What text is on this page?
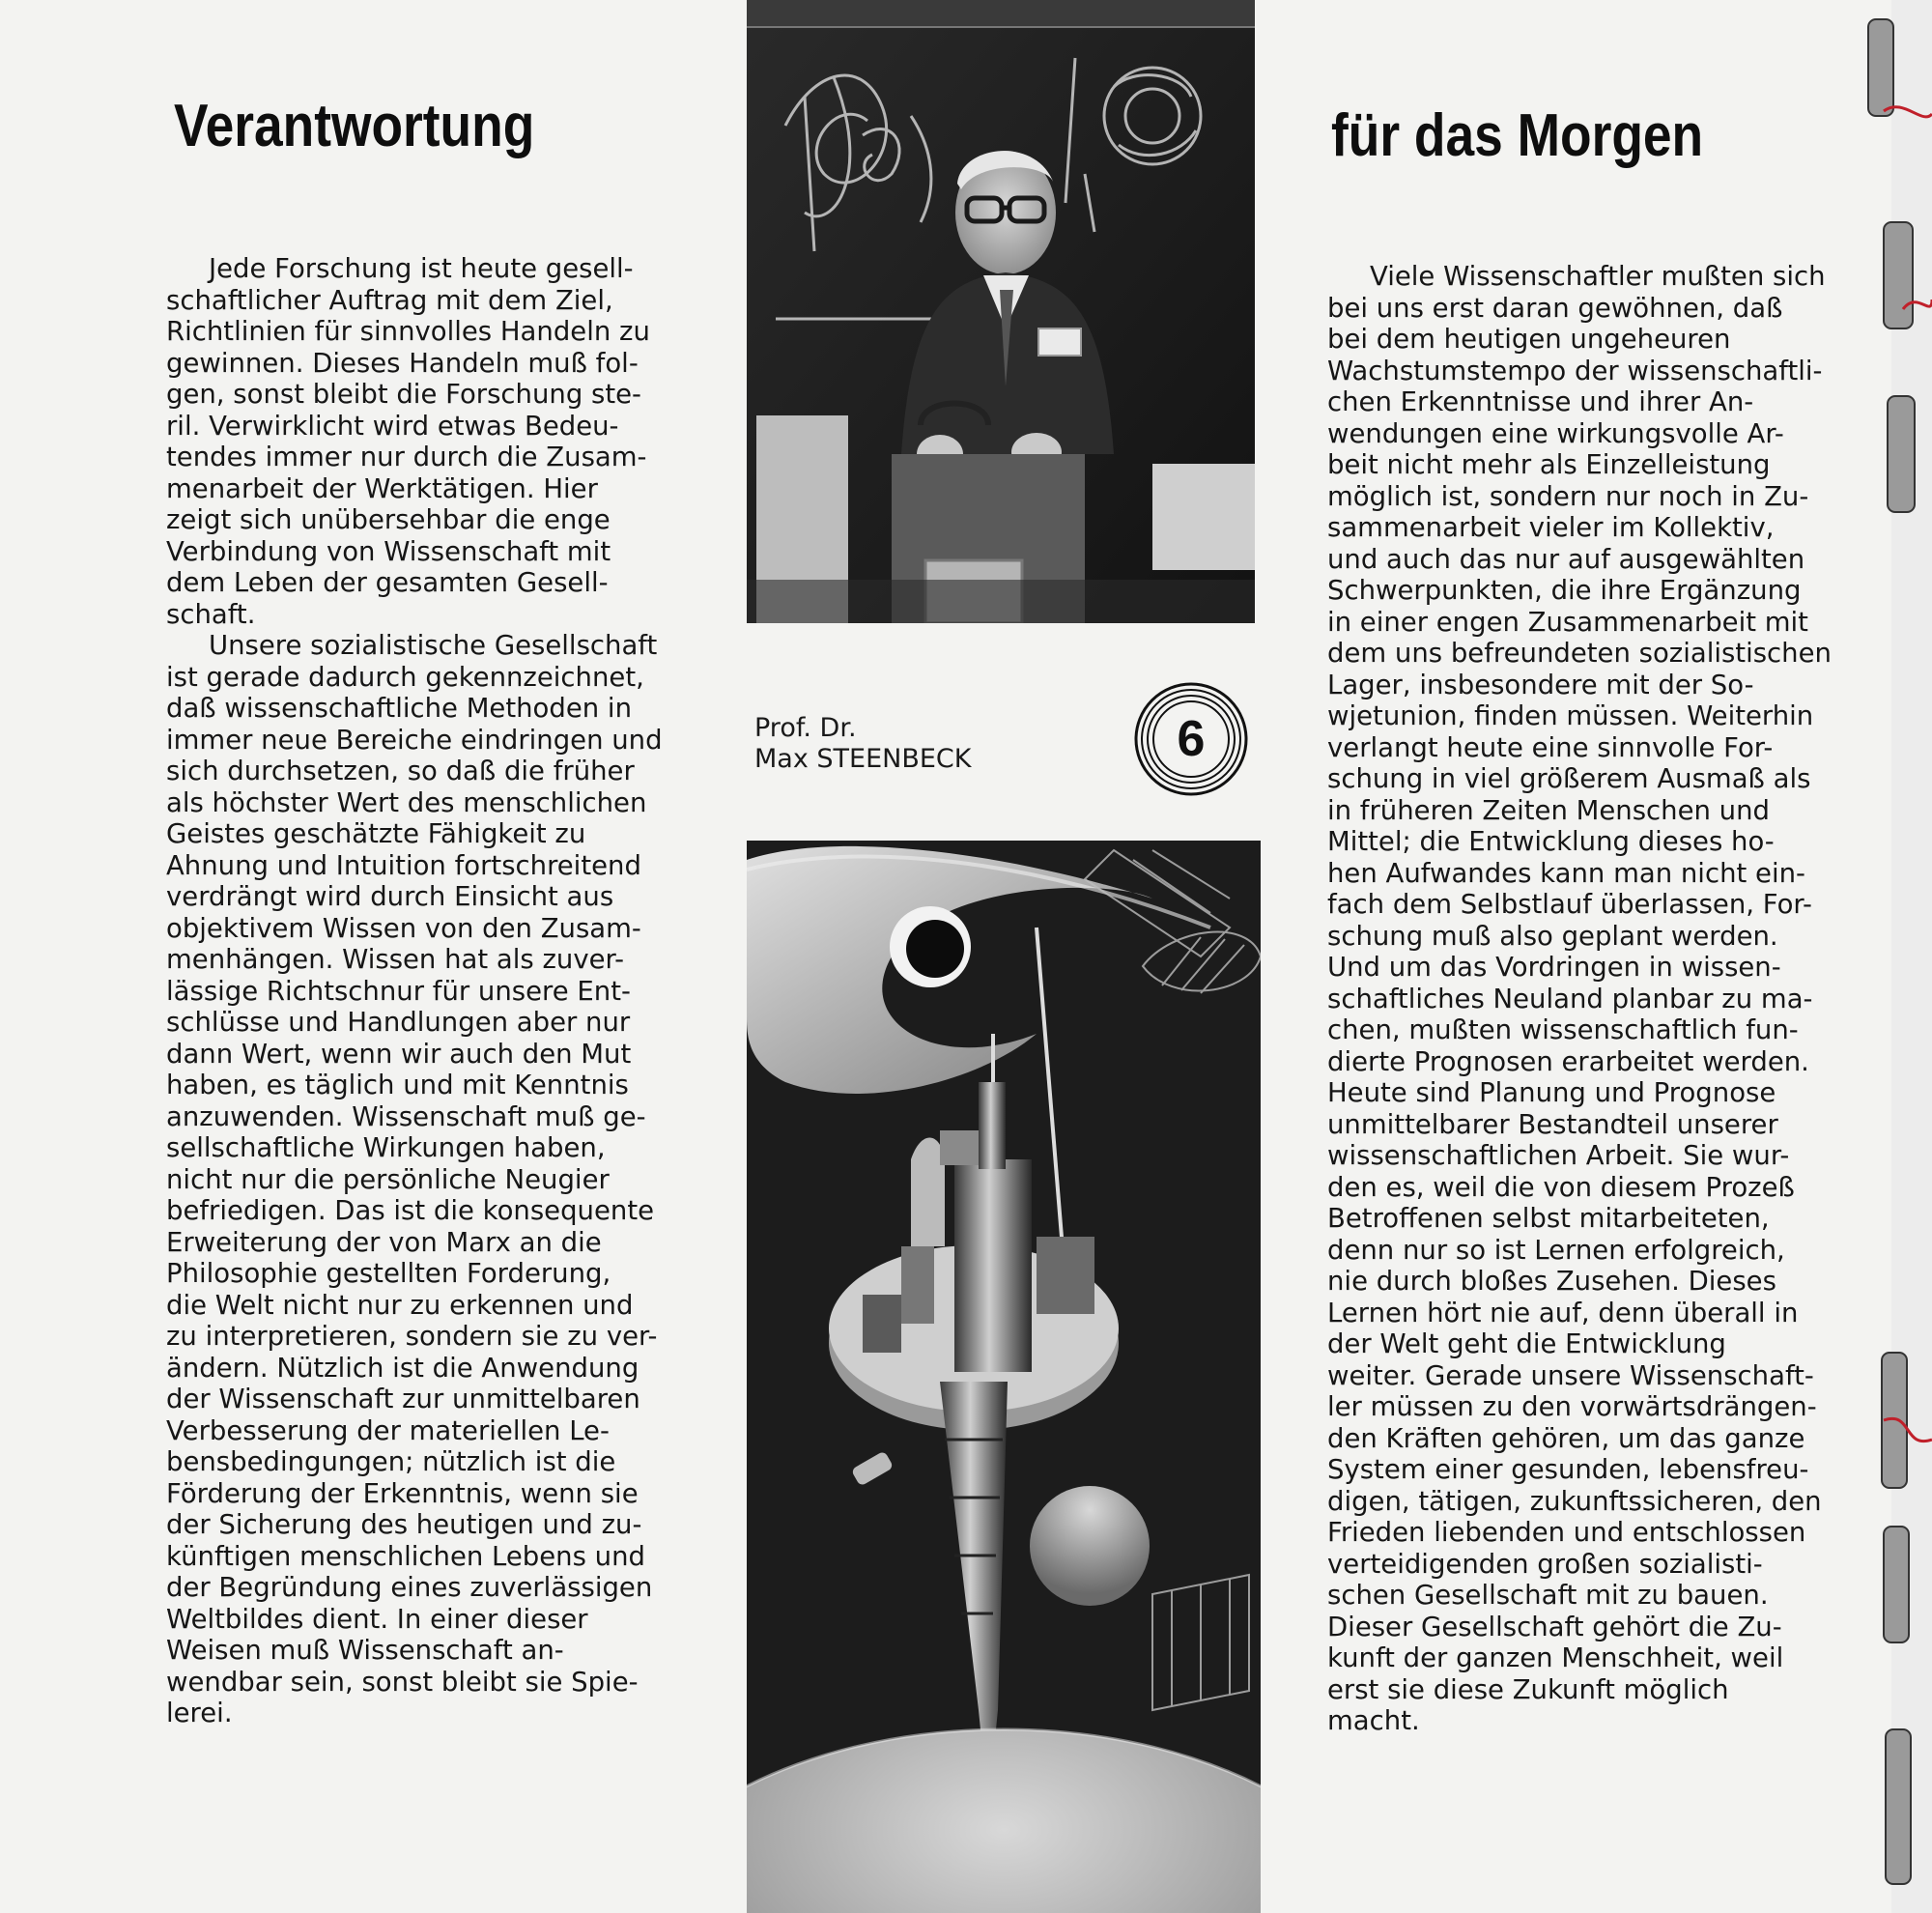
Verantwortung	für das Morgen

Jede Forschung ist heute gesell-
schaftlicher Auftrag mit dem Ziel,
Richtlinien für sinnvolles Handeln zu
gewinnen. Dieses Handeln muß fol-
gen, sonst bleibt die Forschung ste-
ril. Verwirklicht wird etwas Bedeu-
tendes immer nur durch die Zusam-
menarbeit der Werktätigen. Hier
zeigt sich unübersehbar die enge
Verbindung von Wissenschaft mit
dem Leben der gesamten Gesell-
schaft.

Unsere sozialistische Gesellschaft
ist gerade dadurch gekennzeichnet,
daß wissenschaftliche Methoden in
immer neue Bereiche eindringen und
sich durchsetzen, so daß die früher
als höchster Wert des menschlichen
Geistes geschätzte Fähigkeit zu
Ahnung und Intuition fortschreitend
verdrängt wird durch Einsicht aus
objektivem Wissen von den Zusam-
menhängen. Wissen hat als zuver-
lässige Richtschnur für unsere Ent-
schlüsse und Handlungen aber nur
dann Wert, wenn wir auch den Mut
haben, es täglich und mit Kenntnis
anzuwenden. Wissenschaft muß ge-
sellschaftliche Wirkungen haben,
nicht nur die persönliche Neugier
befriedigen. Das ist die konsequente
Erweiterung der von Marx an die
Philosophie gestellten Forderung,
die Welt nicht nur zu erkennen und
zu interpretieren, sondern sie zu ver-
ändern. Nützlich ist die Anwendung
der Wissenschaft zur unmittelbaren
Verbesserung der materiellen Le-
bensbedingungen; nützlich ist die
Förderung der Erkenntnis, wenn sie
der Sicherung des heutigen und zu-
künftigen menschlichen Lebens und
der Begründung eines zuverlässigen
Weltbildes dient. In einer dieser
Weisen muß Wissenschaft an-
wendbar sein, sonst bleibt sie Spie-
lerei.

Viele Wissenschaftler mußten sich
bei uns erst daran gewöhnen, daß
bei dem heutigen ungeheuren
Wachstumstempo der wissenschaftli-
chen Erkenntnisse und ihrer An-
wendungen eine wirkungsvolle Ar-
beit nicht mehr als Einzelleistung
möglich ist, sondern nur noch in Zu-
sammenarbeit vieler im Kollektiv,
und auch das nur auf ausgewählten
Schwerpunkten, die ihre Ergänzung
in einer engen Zusammenarbeit mit
dem uns befreundeten sozialistischen
Lager, insbesondere mit der So-
wjetunion, finden müssen. Weiterhin
verlangt heute eine sinnvolle For-
schung in viel größerem Ausmaß als
in früheren Zeiten Menschen und
Mittel; die Entwicklung dieses ho-
hen Aufwandes kann man nicht ein-
fach dem Selbstlauf überlassen, For-
schung muß also geplant werden.
Und um das Vordringen in wissen-
schaftliches Neuland planbar zu ma-
chen, mußten wissenschaftlich fun-
dierte Prognosen erarbeitet werden.
Heute sind Planung und Prognose
unmittelbarer Bestandteil unserer
wissenschaftlichen Arbeit. Sie wur-
den es, weil die von diesem Prozeß
Betroffenen selbst mitarbeiteten,
denn nur so ist Lernen erfolgreich,
nie durch bloßes Zusehen. Dieses
Lernen hört nie auf, denn überall in
der Welt geht die Entwicklung
weiter. Gerade unsere Wissenschaft-
ler müssen zu den vorwärtsdrängen-
den Kräften gehören, um das ganze
System einer gesunden, lebensfreu-
digen, tätigen, zukunftssicheren, den
Frieden liebenden und entschlossen
verteidigenden großen sozialisti-
schen Gesellschaft mit zu bauen.
Dieser Gesellschaft gehört die Zu-
kunft der ganzen Menschheit, weil
erst sie diese Zukunft möglich
macht.

Prof. Dr.
Max STEENBECK	6
